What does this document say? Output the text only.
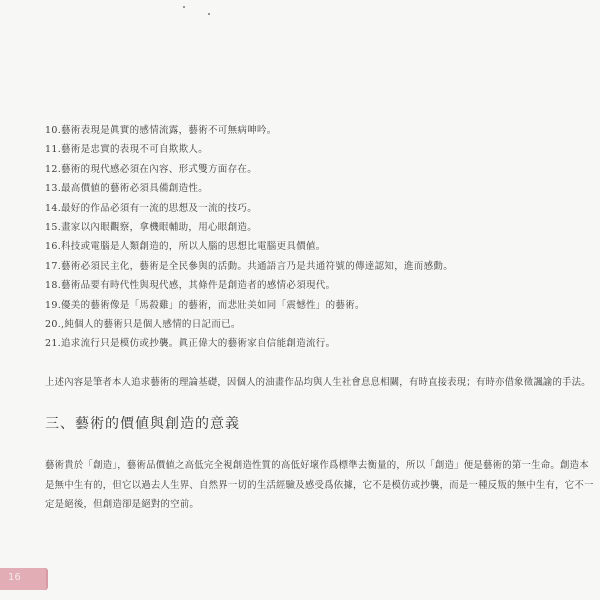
10.藝術表現是眞實的感情流露，藝術不可無病呻吟。
11.藝術是忠實的表現不可自欺欺人。
12.藝術的現代感必須在內容、形式雙方面存在。
13.最高價値的藝術必須具備創造性。
14.最好的作品必須有一流的思想及一流的技巧。
15.畫家以內眼觀察，拿機眼輔助，用心眼創造。
16.科技或電腦是人類創造的，所以人腦的思想比電腦更具價値。
17.藝術必須民主化，藝術是全民參與的活動。共通語言乃是共通符號的傳達認知，進而感動。
18.藝術品要有時代性與現代感，其條件是創造者的感情必須現代。
19.優美的藝術像是「馬殺雞」的藝術，而悲壯美如同「震憾性」的藝術。
20.,純個人的藝術只是個人感情的日記而已。
21.追求流行只是模仿或抄襲。眞正偉大的藝術家自信能創造流行。

上述內容是筆者本人追求藝術的理論基礎，因個人的油畫作品均與人生社會息息相關，有時直接表現；有時亦借象徵諷諭的手法。

三、藝術的價値與創造的意義
藝術貴於「創造」，藝術品價値之高低完全視創造性質的高低好壞作爲標準去衡量的，所以「創造」便是藝術的第一生命。創造本
是無中生有的，但它以過去人生界、自然界一切的生活經驗及感受爲依據，它不是模仿或抄襲，而是一種反叛的無中生有，它不一
定是絕後，但創造卻是絕對的空前。
16
